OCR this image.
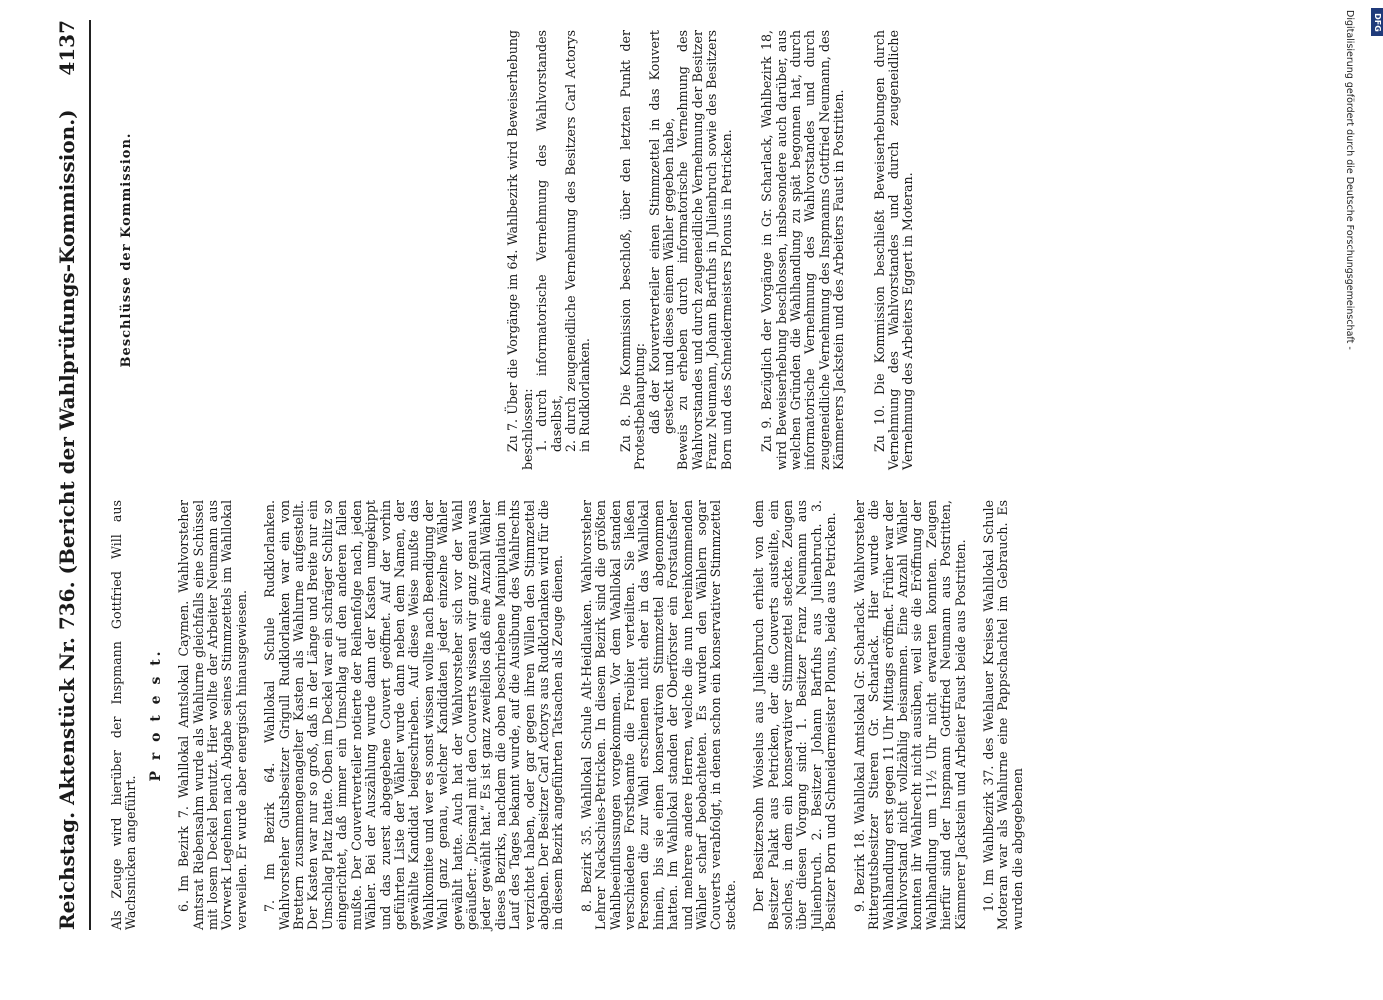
Reichstag. Aktenstück Nr. 736. (Bericht der Wahlprüfungs-Kommission.)
4137

Als Zeuge wird hierüber der Inspmann Gottfried Will aus Wachsnicken angeführt.

P r o t e s t. 6. Im Bezirk 7. Wahllokal Amtslokal Caymen. Wahlvorsteher Amtsrat Riebensahm wurde als Wahlurne gleichfalls eine Schüssel mit losem Deckel benutzt. Hier wollte der Arbeiter Neumann aus Vorwerk Legehnen nach Abgabe seines Stimmzettels im Wahllokal verweilen. Er wurde aber energisch hinausgewiesen. 7. Im Bezirk 64. Wahllokal Schule Rudklorlanken. Wahlvorsteher Gutsbesitzer Grigull Rudklorlanken war ein von Brettern zusammengenagelter Kasten als Wahlurne aufgestellt. Der Kasten war nur so groß, daß in der Länge und Breite nur ein Umschlag Platz hatte. Oben im Deckel war ein schräger Schlitz so eingerichtet, daß immer ein Umschlag auf den anderen fallen mußte. Der Couvertverteiler notierte der Reihenfolge nach, jeden Wähler. Bei der Auszählung wurde dann der Kasten umgekippt und das zuerst abgegebene Couvert geöffnet. Auf der vorhin geführten Liste der Wähler wurde dann neben dem Namen, der gewählte Kandidat beigeschrieben. Auf diese Weise mußte das Wahlkomitee und wer es sonst wissen wollte nach Beendigung der Wahl ganz genau, welcher Kandidaten jeder einzelne Wähler gewählt hatte. Auch hat der Wahlvorsteher sich vor der Wahl geäußert: „Diesmal mit den Couverts wissen wir ganz genau was jeder gewählt hat.“ Es ist ganz zweifellos daß eine Anzahl Wähler dieses Bezirks, nachdem die oben beschriebene Manipulation im Lauf des Tages bekannt wurde, auf die Ausübung des Wahlrechts verzichtet haben, oder gar gegen ihren Willen den Stimmzettel abgaben. Der Besitzer Carl Actorys aus Rudklorlanken wird für die in diesem Bezirk angeführten Tatsachen als Zeuge dienen. 8. Bezirk 35. Wahllokal Schule Alt-Heidlauken. Wahlvorsteher Lehrer Nackschies-Petricken. In diesem Bezirk sind die größten Wahlbeeinflussungen vorgekommen. Vor dem Wahllokal standen verschiedene Forstbeamte die Freibier verteilten. Sie ließen Personen die zur Wahl erschienen nicht eher in das Wahllokal hinein, bis sie einen konservativen Stimmzettel abgenommen hatten. Im Wahllokal standen der Oberförster ein Forstaufseher und mehrere andere Herren, welche die nun hereinkommenden Wähler scharf beobachteten. Es wurden den Wählern sogar Couverts verabfolgt, in denen schon ein konservativer Stimmzettel steckte. Der Besitzersohn Woiselus aus Julienbruch erhielt von dem Besitzer Palakt aus Petricken, der die Couverts austeilte, ein solches, in dem ein konservativer Stimmzettel steckte. Zeugen über diesen Vorgang sind: 1. Besitzer Franz Neumann aus Julienbruch. 2. Besitzer Johann Barfuhs aus Julienbruch. 3. Besitzer Born und Schneidermeister Plonus, beide aus Petricken. 9. Bezirk 18. Wahllokal Amtslokal Gr. Scharlack. Wahlvorsteher Rittergutsbesitzer Stieren Gr. Scharlack. Hier wurde die Wahlhandlung erst gegen 11 Uhr Mittags eröffnet. Früher war der Wahlvorstand nicht vollzählig beisammen. Eine Anzahl Wähler konnten ihr Wahlrecht nicht ausüben, weil sie die Eröffnung der Wahlhandlung um 11½ Uhr nicht erwarten konnten. Zeugen hierfür sind der Inspmann Gottfried Neumann aus Postritten, Kämmerer Jackstein und Arbeiter Faust beide aus Postritten. 10. Im Wahlbezirk 37. des Wehlauer Kreises Wahllokal Schule Moteran war als Wahlurne eine Pappschachtel im Gebrauch. Es wurden die abgegebenen

Beschlüsse der Kommission.	Zu 7. Über die Vorgänge im 64. Wahlbezirk wird Beweiserhebung beschlossen: 1. durch informatorische Vernehmung des Wahlvorstandes daselbst, 2. durch zeugeneidliche Vernehmung des Besitzers Carl Actorys in Rudklorlanken. Zu 8. Die Kommission beschloß, über den letzten Punkt der Protestbehauptung: daß der Kouvertverteiler einen Stimmzettel in das Kouvert gesteckt und dieses einem Wähler gegeben habe, Beweis zu erheben durch informatorische Vernehmung des Wahlvorstandes und durch zeugeneidliche Vernehmung der Besitzer Franz Neumann, Johann Barfuhs in Julienbruch sowie des Besitzers Born und des Schneidermeisters Plonus in Petricken. Zu 9. Bezüglich der Vorgänge in Gr. Scharlack, Wahlbezirk 18, wird Beweiserhebung beschlossen, insbesondere auch darüber, aus welchen Gründen die Wahlhandlung zu spät begonnen hat, durch informatorische Vernehmung des Wahlvorstandes und durch zeugeneidliche Vernehmung des Inspmanns Gottfried Neumann, des Kämmerers Jackstein und des Arbeiters Faust in Postritten. Zu 10. Die Kommission beschließt Beweiserhebungen durch Vernehmung des Wahlvorstandes und durch zeugeneidliche Vernehmung des Arbeiters Eggert in Moteran.

DFG
Digitalisierung gefördert durch die Deutsche Forschungsgemeinschaft -
